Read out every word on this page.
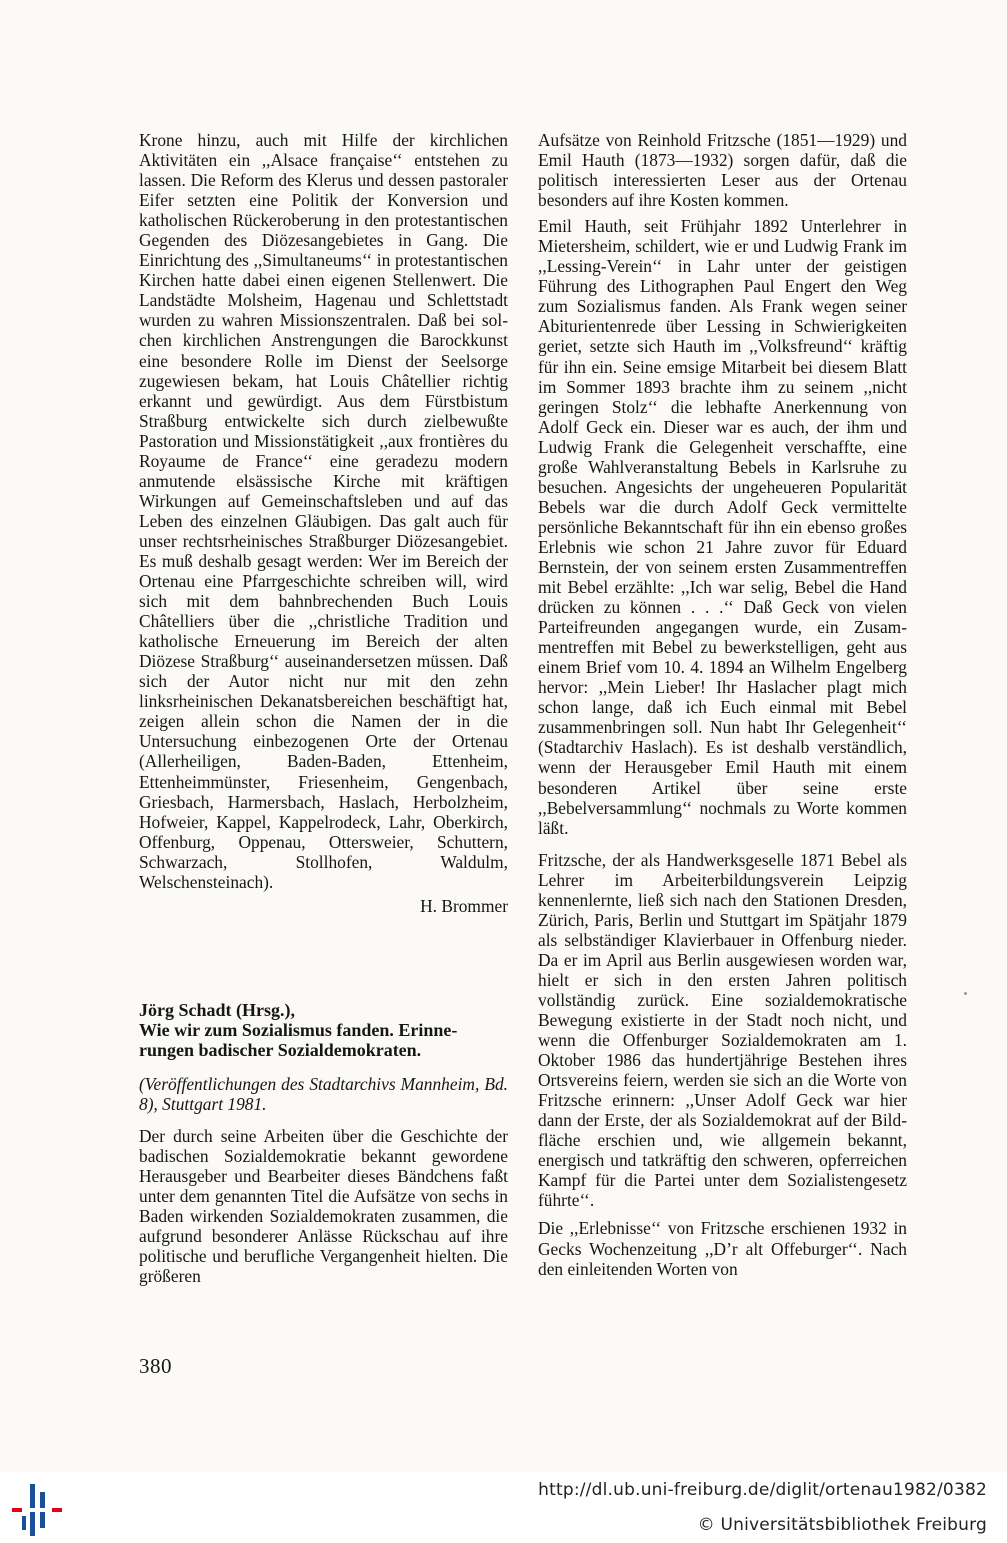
Krone hinzu, auch mit Hilfe der kirchlichen Aktivitäten ein ,,Alsace française‘‘ entstehen zu lassen. Die Reform des Klerus und dessen pastoraler Eifer setzten eine Politik der Konversion und katholischen Rückeroberung in den protestantischen Gegenden des Diözesangebietes in Gang. Die Einrichtung des ,,Simultaneums‘‘ in protestantischen Kirchen hatte dabei einen eigenen Stellenwert. Die Landstädte Molsheim, Hagenau und Schlettstadt wurden zu wahren Missionszentralen. Daß bei solchen kirchlichen Anstrengungen die Barockkunst eine besondere Rolle im Dienst der Seelsorge zugewiesen bekam, hat Louis Châtellier richtig erkannt und gewürdigt. Aus dem Fürstbistum Straßburg entwickelte sich durch zielbewußte Pastoration und Missionstätigkeit ,,aux frontières du Royaume de France‘‘ eine geradezu modern anmutende elsässische Kirche mit kräftigen Wirkungen auf Gemeinschaftsleben und auf das Leben des einzelnen Gläubigen. Das galt auch für unser rechtsrheinisches Straßburger Diözesangebiet. Es muß deshalb gesagt werden: Wer im Bereich der Ortenau eine Pfarrgeschichte schreiben will, wird sich mit dem bahnbrechenden Buch Louis Châtelliers über die ,,christliche Tradition und katholische Erneuerung im Bereich der alten Diözese Straßburg‘‘ auseinandersetzen müssen. Daß sich der Autor nicht nur mit den zehn linksrheinischen Dekanatsbereichen beschäftigt hat, zeigen allein schon die Namen der in die Untersuchung einbezogenen Orte der Ortenau (Allerheiligen, Baden-Baden, Ettenheim, Ettenheimmünster, Friesenheim, Gengenbach, Griesbach, Harmersbach, Haslach, Herbolzheim, Hofweier, Kappel, Kappelrodeck, Lahr, Oberkirch, Offenburg, Oppenau, Ottersweier, Schuttern, Schwarzach, Stollhofen, Waldulm, Welschensteinach).

H. Brommer

Jörg Schadt (Hrsg.),
Wie wir zum Sozialismus fanden. Erinne-
rungen badischer Sozialdemokraten.

(Veröffentlichungen des Stadtarchivs Mannheim, Bd. 8), Stuttgart 1981.

Der durch seine Arbeiten über die Geschichte der badischen Sozialdemokratie bekannt gewordene Herausgeber und Bearbeiter dieses Bändchens faßt unter dem genannten Titel die Aufsätze von sechs in Baden wirkenden Sozialdemokraten zusammen, die aufgrund besonderer Anlässe Rückschau auf ihre politische und berufliche Vergangenheit hielten. Die größeren

Aufsätze von Reinhold Fritzsche (1851—1929) und Emil Hauth (1873—1932) sorgen dafür, daß die politisch interessierten Leser aus der Ortenau besonders auf ihre Kosten kommen.

Emil Hauth, seit Frühjahr 1892 Unterlehrer in Mietersheim, schildert, wie er und Ludwig Frank im ,,Lessing-Verein‘‘ in Lahr unter der geistigen Führung des Lithographen Paul Engert den Weg zum Sozialismus fanden. Als Frank wegen seiner Abiturientenrede über Lessing in Schwierigkeiten geriet, setzte sich Hauth im ,,Volksfreund‘‘ kräftig für ihn ein. Seine emsige Mitarbeit bei diesem Blatt im Sommer 1893 brachte ihm zu seinem ,,nicht geringen Stolz‘‘ die lebhafte Anerkennung von Adolf Geck ein. Dieser war es auch, der ihm und Ludwig Frank die Gelegenheit verschaffte, eine große Wahlveranstaltung Bebels in Karlsruhe zu besuchen. Angesichts der ungeheueren Popularität Bebels war die durch Adolf Geck vermittelte persönliche Bekanntschaft für ihn ein ebenso großes Erlebnis wie schon 21 Jahre zuvor für Eduard Bernstein, der von seinem ersten Zusammentreffen mit Bebel erzählte: ,,Ich war selig, Bebel die Hand drücken zu können . . .‘‘ Daß Geck von vielen Parteifreunden angegangen wurde, ein Zusammentreffen mit Bebel zu bewerkstelligen, geht aus einem Brief vom 10. 4. 1894 an Wilhelm Engelberg hervor: ,,Mein Lieber! Ihr Haslacher plagt mich schon lange, daß ich Euch einmal mit Bebel zusammenbringen soll. Nun habt Ihr Gelegenheit‘‘ (Stadtarchiv Haslach). Es ist deshalb verständlich, wenn der Herausgeber Emil Hauth mit einem besonderen Artikel über seine erste ,,Bebelversammlung‘‘ nochmals zu Worte kommen läßt.

Fritzsche, der als Handwerksgeselle 1871 Bebel als Lehrer im Arbeiterbildungsverein Leipzig kennenlernte, ließ sich nach den Stationen Dresden, Zürich, Paris, Berlin und Stuttgart im Spätjahr 1879 als selbständiger Klavierbauer in Offenburg nieder. Da er im April aus Berlin ausgewiesen worden war, hielt er sich in den ersten Jahren politisch vollständig zurück. Eine sozialdemokratische Bewegung existierte in der Stadt noch nicht, und wenn die Offenburger Sozialdemokraten am 1. Oktober 1986 das hundertjährige Bestehen ihres Ortsvereins feiern, werden sie sich an die Worte von Fritzsche erinnern: ,,Unser Adolf Geck war hier dann der Erste, der als Sozialdemokrat auf der Bildfläche erschien und, wie allgemein bekannt, energisch und tatkräftig den schweren, opferreichen Kampf für die Partei unter dem Sozialistengesetz führte‘‘.

Die ,,Erlebnisse‘‘ von Fritzsche erschienen 1932 in Gecks Wochenzeitung ,,D’r alt Offeburger‘‘. Nach den einleitenden Worten von

380
http://dl.ub.uni-freiburg.de/diglit/ortenau1982/0382
© Universitätsbibliothek Freiburg
